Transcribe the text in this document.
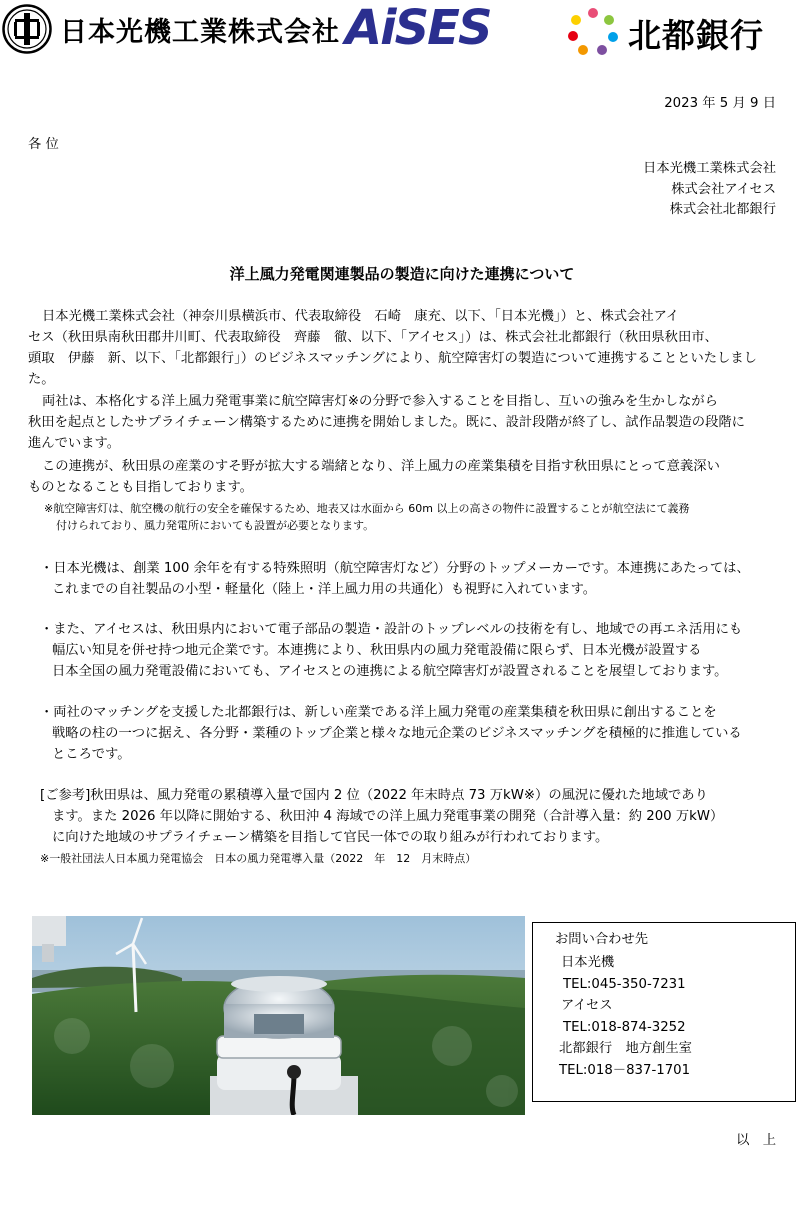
日本光機工業株式会社 AiSES	北都銀行
2023 年 5 月 9 日
各 位
日本光機工業株式会社
株式会社アイセス
株式会社北都銀行
洋上風力発電関連製品の製造に向けた連携について
日本光機工業株式会社（神奈川県横浜市、代表取締役　石崎　康充、以下、「日本光機」）と、株式会社アイ
セス（秋田県南秋田郡井川町、代表取締役　齊藤　徹、以下、「アイセス」）は、株式会社北都銀行（秋田県秋田市、
頭取　伊藤　新、以下、「北都銀行」）のビジネスマッチングにより、航空障害灯の製造について連携することといたしまし
た。
両社は、本格化する洋上風力発電事業に航空障害灯※の分野で参入することを目指し、互いの強みを生かしながら
秋田を起点としたサプライチェーン構築するために連携を開始しました。既に、設計段階が終了し、試作品製造の段階に
進んでいます。
この連携が、秋田県の産業のすそ野が拡大する端緒となり、洋上風力の産業集積を目指す秋田県にとって意義深い
ものとなることも目指しております。
※航空障害灯は、航空機の航行の安全を確保するため、地表又は水面から 60m 以上の高さの物件に設置することが航空法にて義務
付けられており、風力発電所においても設置が必要となります。
・日本光機は、創業 100 余年を有する特殊照明（航空障害灯など）分野のトップメーカーです。本連携にあたっては、
これまでの自社製品の小型・軽量化（陸上・洋上風力用の共通化）も視野に入れています。
・また、アイセスは、秋田県内において電子部品の製造・設計のトップレベルの技術を有し、地域での再エネ活用にも
幅広い知見を併せ持つ地元企業です。本連携により、秋田県内の風力発電設備に限らず、日本光機が設置する
日本全国の風力発電設備においても、アイセスとの連携による航空障害灯が設置されることを展望しております。
・両社のマッチングを支援した北都銀行は、新しい産業である洋上風力発電の産業集積を秋田県に創出することを
戦略の柱の一つに据え、各分野・業種のトップ企業と様々な地元企業のビジネスマッチングを積極的に推進している
ところです。
[ご参考]秋田県は、風力発電の累積導入量で国内 2 位（2022 年末時点 73 万kW※）の風況に優れた地域であり
ます。また 2026 年以降に開始する、秋田沖 4 海域での洋上風力発電事業の開発（合計導入量：約 200 万kW）
に向けた地域のサプライチェーン構築を目指して官民一体での取り組みが行われております。
※一般社団法人日本風力発電協会　日本の風力発電導入量（2022　年　12　月末時点）
お問い合わせ先
日本光機
TEL:045-350-7231
アイセス
TEL:018-874-3252
北都銀行　地方創生室
TEL:018－837-1701
以　上
